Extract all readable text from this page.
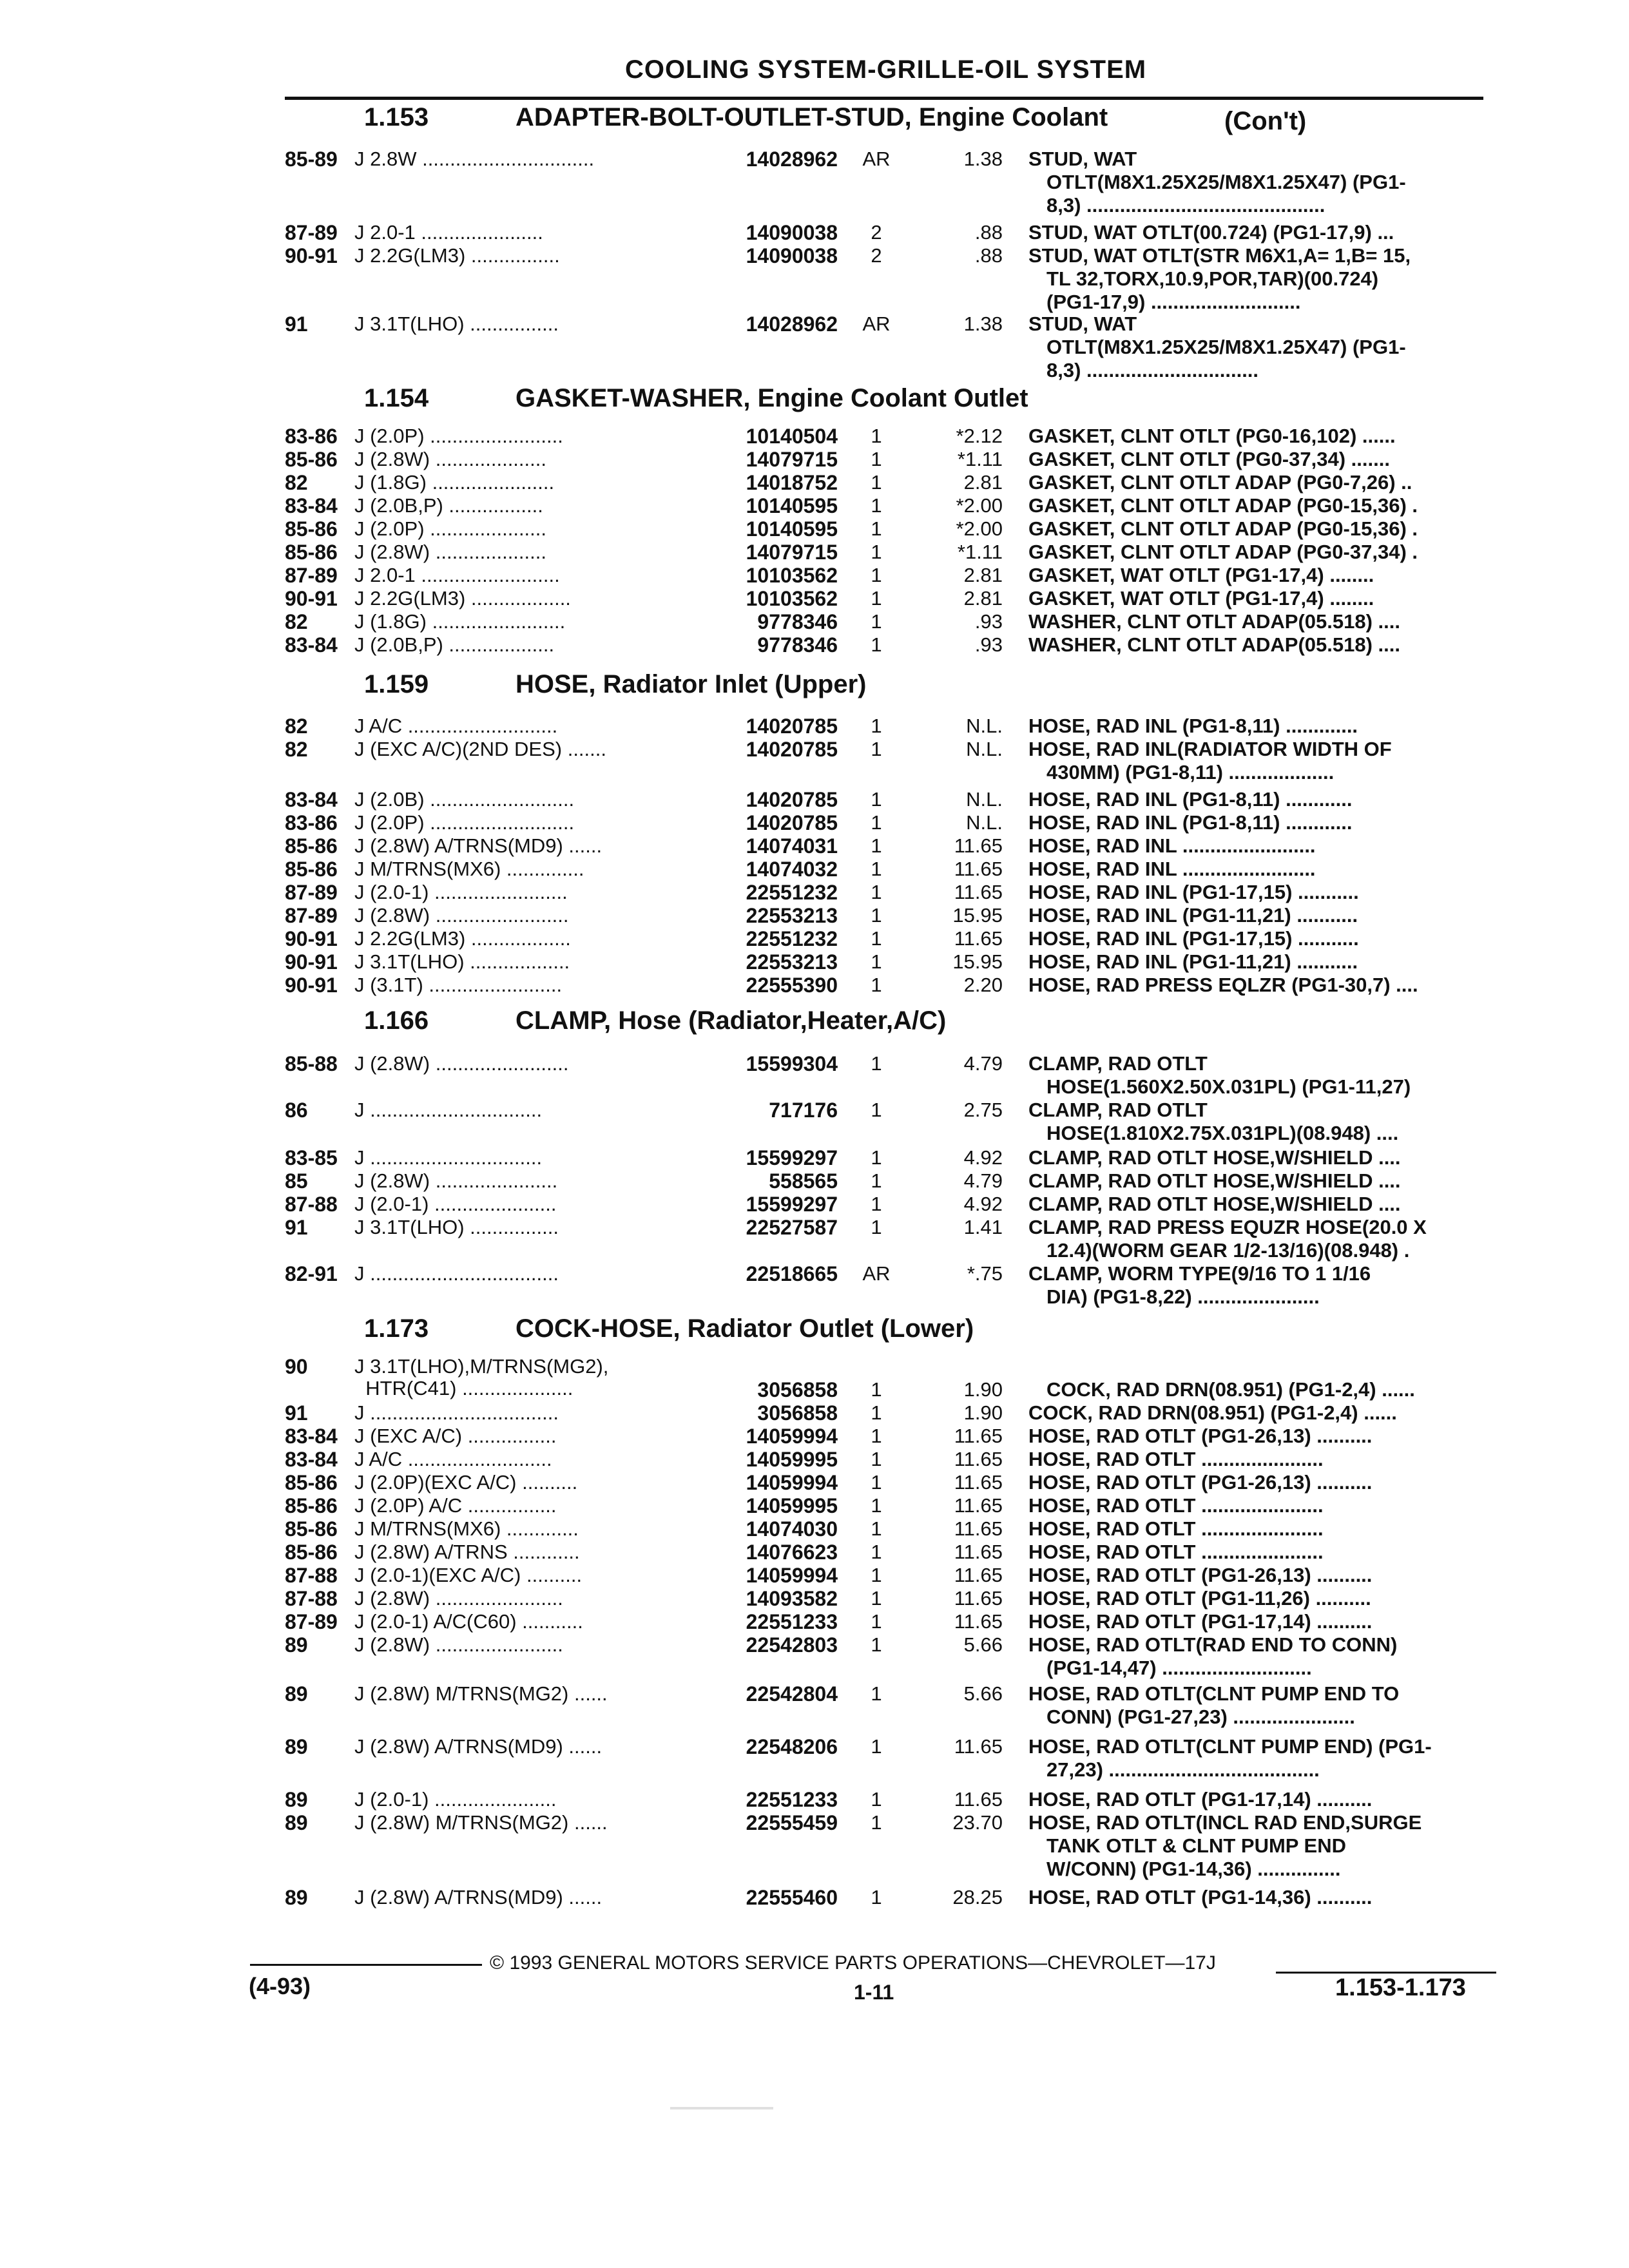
COOLING SYSTEM-GRILLE-OIL SYSTEM
1.153	ADAPTER-BOLT-OUTLET-STUD, Engine Coolant	(Con't)
85-89 J 2.8W ...............................	14028962 AR	1.38 STUD, WAT
OTLT(M8X1.25X25/M8X1.25X47) (PG1-
8,3) ...........................................
87-89 J 2.0-1 ......................	14090038	2	.88 STUD, WAT OTLT(00.724) (PG1-17,9) ...
90-91 J 2.2G(LM3) ................	14090038	2	.88 STUD, WAT OTLT(STR M6X1,A= 1,B= 15,
TL 32,TORX,10.9,POR,TAR)(00.724)
(PG1-17,9) ...........................
91 J 3.1T(LHO) ................	14028962 AR	1.38 STUD, WAT
OTLT(M8X1.25X25/M8X1.25X47) (PG1-
8,3) ...............................
1.154	GASKET-WASHER, Engine Coolant Outlet
83-86 J (2.0P) ........................	10140504	1	*2.12 GASKET, CLNT OTLT (PG0-16,102) ......
85-86 J (2.8W) ....................	14079715	1	*1.11 GASKET, CLNT OTLT (PG0-37,34) .......
82 J (1.8G) ......................	14018752	1	2.81 GASKET, CLNT OTLT ADAP (PG0-7,26) ..
83-84 J (2.0B,P) .................	10140595	1	*2.00 GASKET, CLNT OTLT ADAP (PG0-15,36) .
85-86 J (2.0P) .....................	10140595	1	*2.00 GASKET, CLNT OTLT ADAP (PG0-15,36) .
85-86 J (2.8W) ....................	14079715	1	*1.11 GASKET, CLNT OTLT ADAP (PG0-37,34) .
87-89 J 2.0-1 .........................	10103562	1	2.81 GASKET, WAT OTLT (PG1-17,4) ........
90-91 J 2.2G(LM3) ..................	10103562	1	2.81 GASKET, WAT OTLT (PG1-17,4) ........
82 J (1.8G) ........................	9778346	1	.93 WASHER, CLNT OTLT ADAP(05.518) ....
83-84 J (2.0B,P) ...................	9778346	1	.93 WASHER, CLNT OTLT ADAP(05.518) ....
1.159	HOSE, Radiator Inlet (Upper)
82 J A/C ...........................	14020785	1	N.L. HOSE, RAD INL (PG1-8,11) .............
82 J (EXC A/C)(2ND DES) .......	14020785	1	N.L. HOSE, RAD INL(RADIATOR WIDTH OF
430MM) (PG1-8,11) ...................
83-84 J (2.0B) ..........................	14020785	1	N.L. HOSE, RAD INL (PG1-8,11) ............
83-86 J (2.0P) ..........................	14020785	1	N.L. HOSE, RAD INL (PG1-8,11) ............
85-86 J (2.8W) A/TRNS(MD9) ......	14074031	1	11.65 HOSE, RAD INL ........................
85-86 J M/TRNS(MX6) ..............	14074032	1	11.65 HOSE, RAD INL ........................
87-89 J (2.0-1) ........................	22551232	1	11.65 HOSE, RAD INL (PG1-17,15) ...........
87-89 J (2.8W) ........................	22553213	1	15.95 HOSE, RAD INL (PG1-11,21) ...........
90-91 J 2.2G(LM3) ..................	22551232	1	11.65 HOSE, RAD INL (PG1-17,15) ...........
90-91 J 3.1T(LHO) ..................	22553213	1	15.95 HOSE, RAD INL (PG1-11,21) ...........
90-91 J (3.1T) ........................	22555390	1	2.20 HOSE, RAD PRESS EQLZR (PG1-30,7) ....
1.166	CLAMP, Hose (Radiator,Heater,A/C)
85-88 J (2.8W) ........................	15599304	1	4.79 CLAMP, RAD OTLT
HOSE(1.560X2.50X.031PL) (PG1-11,27)
86 J ...............................	717176	1	2.75 CLAMP, RAD OTLT
HOSE(1.810X2.75X.031PL)(08.948) ....
83-85 J ...............................	15599297	1	4.92 CLAMP, RAD OTLT HOSE,W/SHIELD ....
85 J (2.8W) ......................	558565	1	4.79 CLAMP, RAD OTLT HOSE,W/SHIELD ....
87-88 J (2.0-1) ......................	15599297	1	4.92 CLAMP, RAD OTLT HOSE,W/SHIELD ....
91 J 3.1T(LHO) ................	22527587	1	1.41 CLAMP, RAD PRESS EQUZR HOSE(20.0 X
12.4)(WORM GEAR 1/2-13/16)(08.948) .
82-91 J ..................................	22518665 AR	*.75 CLAMP, WORM TYPE(9/16 TO 1 1/16
DIA) (PG1-8,22) ......................
1.173	COCK-HOSE, Radiator Outlet (Lower)
90 J 3.1T(LHO),M/TRNS(MG2),
HTR(C41) ....................	3056858	1	1.90 COCK, RAD DRN(08.951) (PG1-2,4) ......
91 J ..................................	3056858	1	1.90 COCK, RAD DRN(08.951) (PG1-2,4) ......
83-84 J (EXC A/C) ................	14059994	1	11.65 HOSE, RAD OTLT (PG1-26,13) ..........
83-84 J A/C ..........................	14059995	1	11.65 HOSE, RAD OTLT ......................
85-86 J (2.0P)(EXC A/C) ..........	14059994	1	11.65 HOSE, RAD OTLT (PG1-26,13) ..........
85-86 J (2.0P) A/C ................	14059995	1	11.65 HOSE, RAD OTLT ......................
85-86 J M/TRNS(MX6) .............	14074030	1	11.65 HOSE, RAD OTLT ......................
85-86 J (2.8W) A/TRNS ............	14076623	1	11.65 HOSE, RAD OTLT ......................
87-88 J (2.0-1)(EXC A/C) ..........	14059994	1	11.65 HOSE, RAD OTLT (PG1-26,13) ..........
87-88 J (2.8W) .......................	14093582	1	11.65 HOSE, RAD OTLT (PG1-11,26) ..........
87-89 J (2.0-1) A/C(C60) ...........	22551233	1	11.65 HOSE, RAD OTLT (PG1-17,14) ..........
89 J (2.8W) .......................	22542803	1	5.66 HOSE, RAD OTLT(RAD END TO CONN)
(PG1-14,47) ...........................
89 J (2.8W) M/TRNS(MG2) ......	22542804	1	5.66 HOSE, RAD OTLT(CLNT PUMP END TO
CONN) (PG1-27,23) ......................
89 J (2.8W) A/TRNS(MD9) ......	22548206	1	11.65 HOSE, RAD OTLT(CLNT PUMP END) (PG1-
27,23) ......................................
89 J (2.0-1) ......................	22551233	1	11.65 HOSE, RAD OTLT (PG1-17,14) ..........
89 J (2.8W) M/TRNS(MG2) ......	22555459	1	23.70 HOSE, RAD OTLT(INCL RAD END,SURGE
TANK OTLT & CLNT PUMP END
W/CONN) (PG1-14,36) ...............
89 J (2.8W) A/TRNS(MD9) ......	22555460	1	28.25 HOSE, RAD OTLT (PG1-14,36) ..........
© 1993 GENERAL MOTORS SERVICE PARTS OPERATIONS—CHEVROLET—17J
(4-93)	1-11	1.153-1.173
